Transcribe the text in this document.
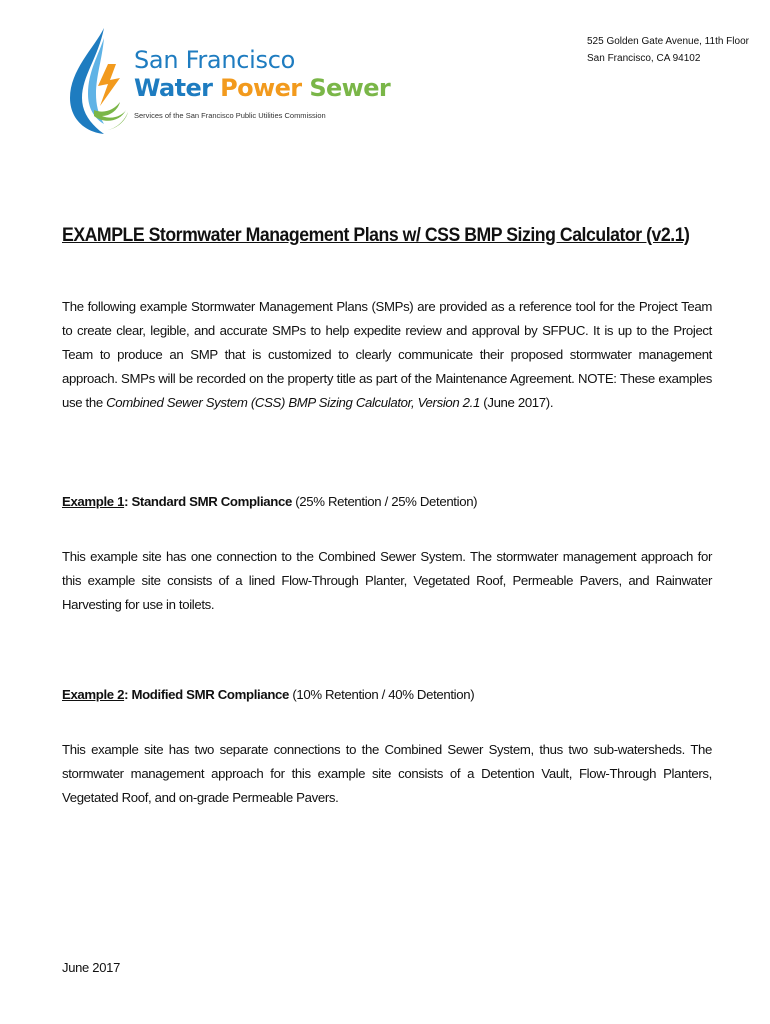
San Francisco
Water Power Sewer
Services of the San Francisco Public Utilities Commission
525 Golden Gate Avenue, 11th Floor
San Francisco, CA 94102
EXAMPLE Stormwater Management Plans w/ CSS BMP Sizing Calculator (v2.1)

The following example Stormwater Management Plans (SMPs) are provided as a reference tool for the Project Team to create clear, legible, and accurate SMPs to help expedite review and approval by SFPUC. It is up to the Project Team to produce an SMP that is customized to clearly communicate their proposed stormwater management approach. SMPs will be recorded on the property title as part of the Maintenance Agreement. NOTE: These examples use the Combined Sewer System (CSS) BMP Sizing Calculator, Version 2.1 (June 2017).

Example 1: Standard SMR Compliance (25% Retention / 25% Detention)

This example site has one connection to the Combined Sewer System. The stormwater management approach for this example site consists of a lined Flow-Through Planter, Vegetated Roof, Permeable Pavers, and Rainwater Harvesting for use in toilets.

Example 2: Modified SMR Compliance (10% Retention / 40% Detention)

This example site has two separate connections to the Combined Sewer System, thus two sub-watersheds. The stormwater management approach for this example site consists of a Detention Vault, Flow-Through Planters, Vegetated Roof, and on-grade Permeable Pavers.

June 2017
